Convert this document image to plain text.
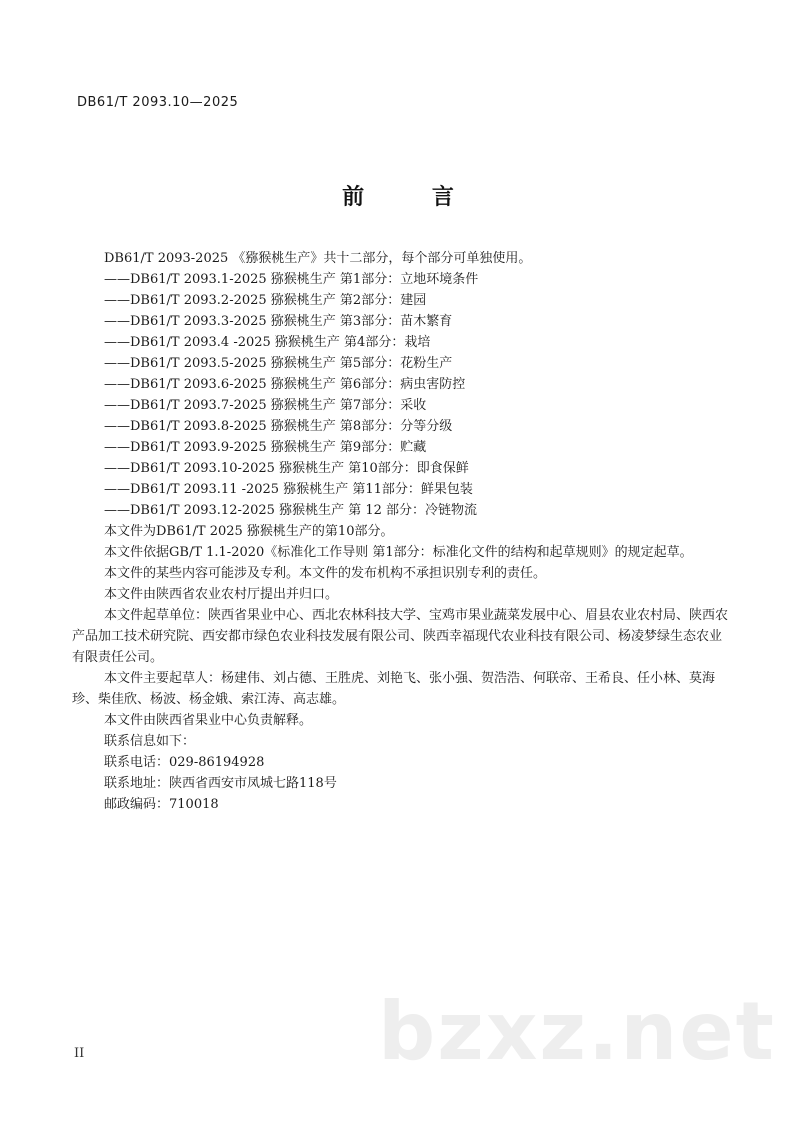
DB61/T 2093.10—2025
前 言

DB61/T 2093-2025 《猕猴桃生产》共十二部分，每个部分可单独使用。

——DB61/T 2093.1-2025 猕猴桃生产 第1部分：立地环境条件
——DB61/T 2093.2-2025 猕猴桃生产 第2部分：建园
——DB61/T 2093.3-2025 猕猴桃生产 第3部分：苗木繁育
——DB61/T 2093.4 -2025 猕猴桃生产 第4部分：栽培
——DB61/T 2093.5-2025 猕猴桃生产 第5部分：花粉生产
——DB61/T 2093.6-2025 猕猴桃生产 第6部分：病虫害防控
——DB61/T 2093.7-2025 猕猴桃生产 第7部分：采收
——DB61/T 2093.8-2025 猕猴桃生产 第8部分：分等分级
——DB61/T 2093.9-2025 猕猴桃生产 第9部分：贮藏
——DB61/T 2093.10-2025 猕猴桃生产 第10部分：即食保鲜
——DB61/T 2093.11 -2025 猕猴桃生产 第11部分：鲜果包装
——DB61/T 2093.12-2025 猕猴桃生产 第 12 部分：冷链物流

本文件为DB61/T 2025 猕猴桃生产的第10部分。

本文件依据GB/T 1.1-2020《标准化工作导则 第1部分：标准化文件的结构和起草规则》的规定起草。

本文件的某些内容可能涉及专利。本文件的发布机构不承担识别专利的责任。

本文件由陕西省农业农村厅提出并归口。

本文件起草单位：陕西省果业中心、西北农林科技大学、宝鸡市果业蔬菜发展中心、眉县农业农村局、陕西农产品加工技术研究院、西安都市绿色农业科技发展有限公司、陕西幸福现代农业科技有限公司、杨凌梦绿生态农业有限责任公司。

本文件主要起草人：杨建伟、刘占德、王胜虎、刘艳飞、张小强、贺浩浩、何联帝、王希良、任小林、莫海珍、柴佳欣、杨波、杨金娥、索江涛、高志雄。

本文件由陕西省果业中心负责解释。

联系信息如下：

联系电话：029-86194928

联系地址：陕西省西安市凤城七路118号

邮政编码：710018

bzxz.net
II
